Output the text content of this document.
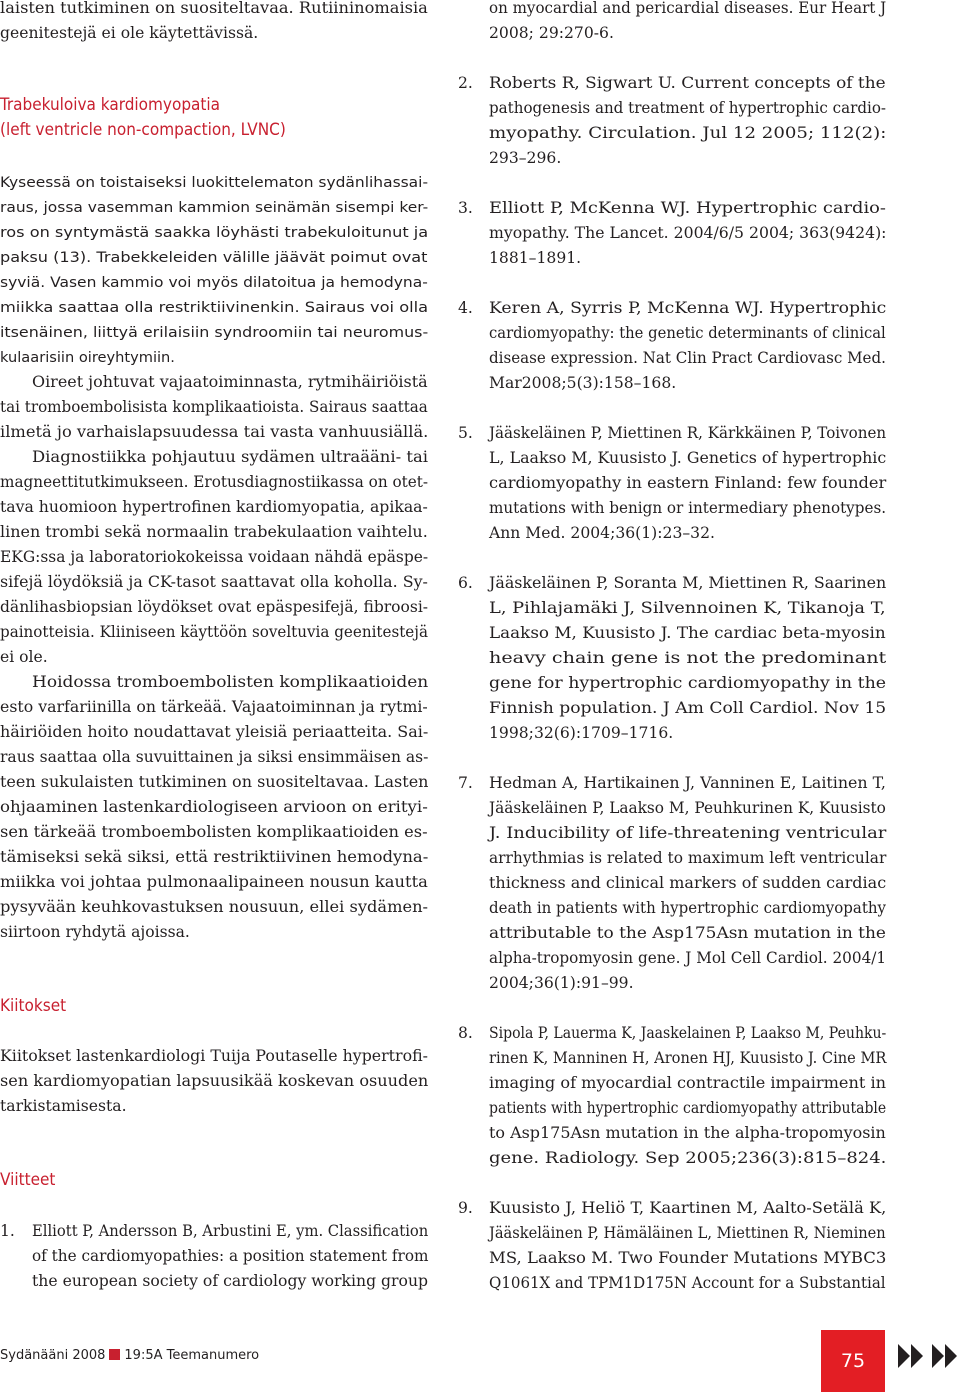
laisten tutkiminen on suositeltavaa. Rutiininomaisia
geenitestejä ei ole käytettävissä.
Trabekuloiva kardiomyopatia
(left ventricle non-compaction, LVNC)
Kyseessä on toistaiseksi luokittelematon sydänlihassai-
raus, jossa vasemman kammion seinämän sisempi ker-
ros on syntymästä saakka löyhästi trabekuloitunut ja
paksu (13). Trabekkeleiden välille jäävät poimut ovat
syviä. Vasen kammio voi myös dilatoitua ja hemodyna-
miikka saattaa olla restriktiivinenkin. Sairaus voi olla
itsenäinen, liittyä erilaisiin syndroomiin tai neuromus-
kulaarisiin oireyhtymiin.
Oireet johtuvat vajaatoiminnasta, rytmihäiriöistä
tai tromboembolisista komplikaatioista. Sairaus saattaa
ilmetä jo varhaislapsuudessa tai vasta vanhuusiällä.
Diagnostiikka pohjautuu sydämen ultraääni- tai
magneettitutkimukseen. Erotusdiagnostiikassa on otet-
tava huomioon hypertrofinen kardiomyopatia, apikaa-
linen trombi sekä normaalin trabekulaation vaihtelu.
EKG:ssa ja laboratoriokokeissa voidaan nähdä epäspe-
sifejä löydöksiä ja CK-tasot saattavat olla koholla. Sy-
dänlihasbiopsian löydökset ovat epäspesifejä, fibroosi-
painotteisia. Kliiniseen käyttöön soveltuvia geenitestejä
ei ole.
Hoidossa tromboembolisten komplikaatioiden
esto varfariinilla on tärkeää. Vajaatoiminnan ja rytmi-
häiriöiden hoito noudattavat yleisiä periaatteita. Sai-
raus saattaa olla suvuittainen ja siksi ensimmäisen as-
teen sukulaisten tutkiminen on suositeltavaa. Lasten
ohjaaminen lastenkardiologiseen arvioon on erityi-
sen tärkeää tromboembolisten komplikaatioiden es-
tämiseksi sekä siksi, että restriktiivinen hemodyna-
miikka voi johtaa pulmonaalipaineen nousun kautta
pysyvään keuhkovastuksen nousuun, ellei sydämen-
siirtoon ryhdytä ajoissa.
Kiitokset
Kiitokset lastenkardiologi Tuija Poutaselle hypertrofi-
sen kardiomyopatian lapsuusikää koskevan osuuden
tarkistamisesta.
Viitteet
1. Elliott P, Andersson B, Arbustini E, ym. Classification
of the cardiomyopathies: a position statement from
the european society of cardiology working group
on myocardial and pericardial diseases. Eur Heart J
2008; 29:270-6.
2. Roberts R, Sigwart U. Current concepts of the
pathogenesis and treatment of hypertrophic cardio-
myopathy. Circulation. Jul 12 2005; 112(2):
293–296.
3. Elliott P, McKenna WJ. Hypertrophic cardio-
myopathy. The Lancet. 2004/6/5 2004; 363(9424):
1881–1891.
4. Keren A, Syrris P, McKenna WJ. Hypertrophic
cardiomyopathy: the genetic determinants of clinical
disease expression. Nat Clin Pract Cardiovasc Med.
Mar2008;5(3):158–168.
5. Jääskeläinen P, Miettinen R, Kärkkäinen P, Toivonen
L, Laakso M, Kuusisto J. Genetics of hypertrophic
cardiomyopathy in eastern Finland: few founder
mutations with benign or intermediary phenotypes.
Ann Med. 2004;36(1):23–32.
6. Jääskeläinen P, Soranta M, Miettinen R, Saarinen
L, Pihlajamäki J, Silvennoinen K, Tikanoja T,
Laakso M, Kuusisto J. The cardiac beta-myosin
heavy chain gene is not the predominant
gene for hypertrophic cardiomyopathy in the
Finnish population. J Am Coll Cardiol. Nov 15
1998;32(6):1709–1716.
7. Hedman A, Hartikainen J, Vanninen E, Laitinen T,
Jääskeläinen P, Laakso M, Peuhkurinen K, Kuusisto
J. Inducibility of life-threatening ventricular
arrhythmias is related to maximum left ventricular
thickness and clinical markers of sudden cardiac
death in patients with hypertrophic cardiomyopathy
attributable to the Asp175Asn mutation in the
alpha-tropomyosin gene. J Mol Cell Cardiol. 2004/1
2004;36(1):91–99.
8. Sipola P, Lauerma K, Jaaskelainen P, Laakso M, Peuhku-
rinen K, Manninen H, Aronen HJ, Kuusisto J. Cine MR
imaging of myocardial contractile impairment in
patients with hypertrophic cardiomyopathy attributable
to Asp175Asn mutation in the alpha-tropomyosin
gene. Radiology. Sep 2005;236(3):815–824.
9. Kuusisto J, Heliö T, Kaartinen M, Aalto-Setälä K,
Jääskeläinen P, Hämäläinen L, Miettinen R, Nieminen
MS, Laakso M. Two Founder Mutations MYBC3
Q1061X and TPM1D175N Account for a Substantial
Sydänääni 2008 19:5A Teemanumero	75
